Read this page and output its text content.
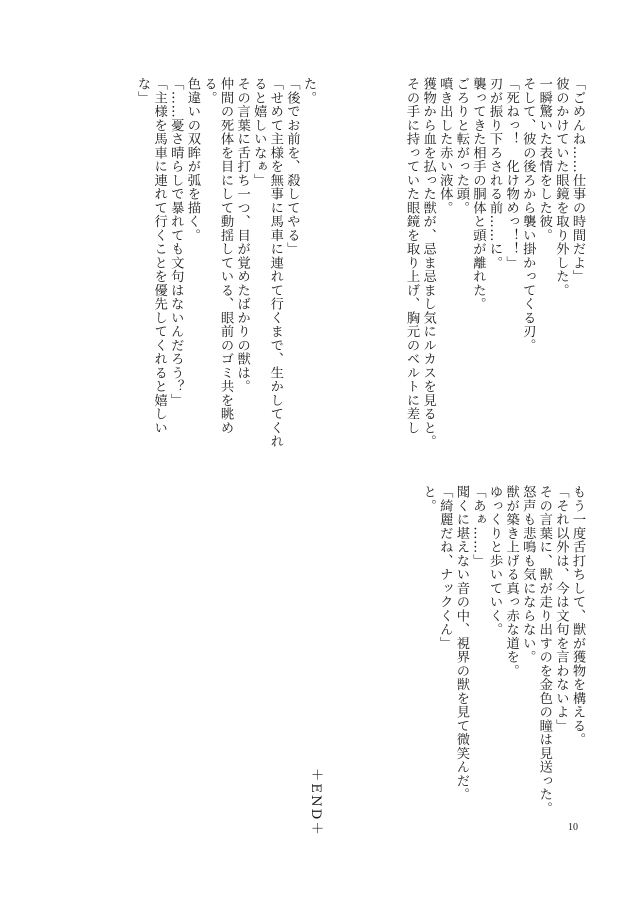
「ごめんね……仕事の時間だよ」

彼のかけていた眼鏡を取り外した。

一瞬驚いた表情をした彼。

そして、彼の後ろから襲い掛かってくる刃。

「死ねっ！　化け物めっ！！」

刃が振り下ろされる前……に。

襲ってきた相手の胴体と頭が離れた。

ごろりと転がった頭。

噴き出した赤い液体。

獲物から血を払った獣が、忌ま忌まし気にルカスを見ると。

その手に持っていた眼鏡を取り上げ、胸元のベルトに差し

もう一度舌打ちして、獣が獲物を構える。

「それ以外は、今は文句を言わないよ」

その言葉に、獣が走り出すのを金色の瞳は見送った。

怒声も悲鳴も気にならない。

獣が築き上げる真っ赤な道を。

ゆっくりと歩いていく。

「あぁ……」

聞くに堪えない音の中、視界の獣を見て微笑んだ。

「綺麗だね、ナックくん」

と。

た。

「後でお前を、殺してやる」

「せめて主様を無事に馬車に連れて行くまで、生かしてくれ

ると嬉しいなぁ」

その言葉に舌打ち一つ、目が覚めたばかりの獣は。

仲間の死体を目にして動揺している、眼前のゴミ共を眺め

る。

色違いの双眸が弧を描く。

「……憂さ晴らしで暴れても文句はないんだろう？」

「主様を馬車に連れて行くことを優先してくれると嬉しい

な」

＋END＋	10
